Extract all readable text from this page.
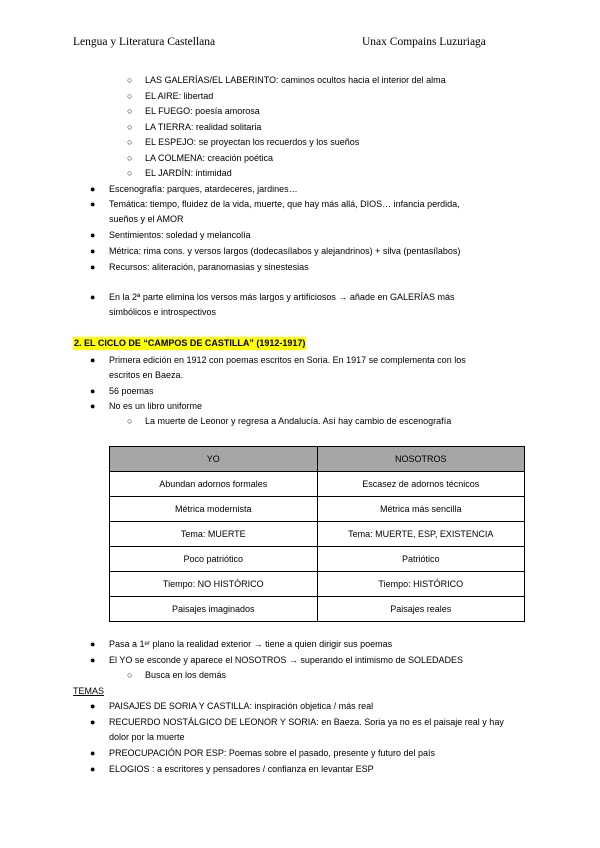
Lengua y Literatura Castellana	Unax Compains Luzuriaga
○ LAS GALERÍAS/EL LABERINTO: caminos ocultos hacia el interior del alma
○ EL AIRE: libertad
○ EL FUEGO: poesía amorosa
○ LA TIERRA: realidad solitaria
○ EL ESPEJO: se proyectan los recuerdos y los sueños
○ LA COLMENA: creación poética
○ EL JARDÍN: intimidad
● Escenografía: parques, atardeceres, jardines…
● Temática: tiempo, fluidez de la vida, muerte, que hay más allá, DIOS… infancia perdida,
sueños y el AMOR
● Sentimientos: soledad y melancolía
● Métrica: rima cons. y versos largos (dodecasílabos y alejandrinos) + silva (pentasílabos)
● Recursos: aliteración, paranomasias y sinestesias
● En la 2ª parte elimina los versos más largos y artificiosos → añade en GALERÍAS más
simbólicos e introspectivos
2. EL CICLO DE “CAMPOS DE CASTILLA” (1912-1917)
● Primera edición en 1912 con poemas escritos en Soria. En 1917 se complementa con los
escritos en Baeza.
● 56 poemas
● No es un libro uniforme
○ La muerte de Leonor y regresa a Andalucía. Así hay cambio de escenografía
YO	NOSOTROS
Abundan adornos formales	Escasez de adornos técnicos
Métrica modernista	Métrica más sencilla
Tema: MUERTE	Tema: MUERTE, ESP, EXISTENCIA
Poco patriótico	Patriótico
Tiempo: NO HISTÓRICO	Tiempo: HISTÓRICO
Paisajes imaginados	Paisajes reales
● Pasa a 1ᵉʳ plano la realidad exterior → tiene a quien dirigir sus poemas
● El YO se esconde y aparece el NOSOTROS → superando el intimismo de SOLEDADES
○ Busca en los demás
TEMAS
● PAISAJES DE SORIA Y CASTILLA: inspiración objetica / más real
● RECUERDO NOSTÁLGICO DE LEONOR Y SORIA: en Baeza. Soria ya no es el paisaje real y hay
dolor por la muerte
● PREOCUPACIÓN POR ESP: Poemas sobre el pasado, presente y futuro del país
● ELOGIOS : a escritores y pensadores / confianza en levantar ESP
